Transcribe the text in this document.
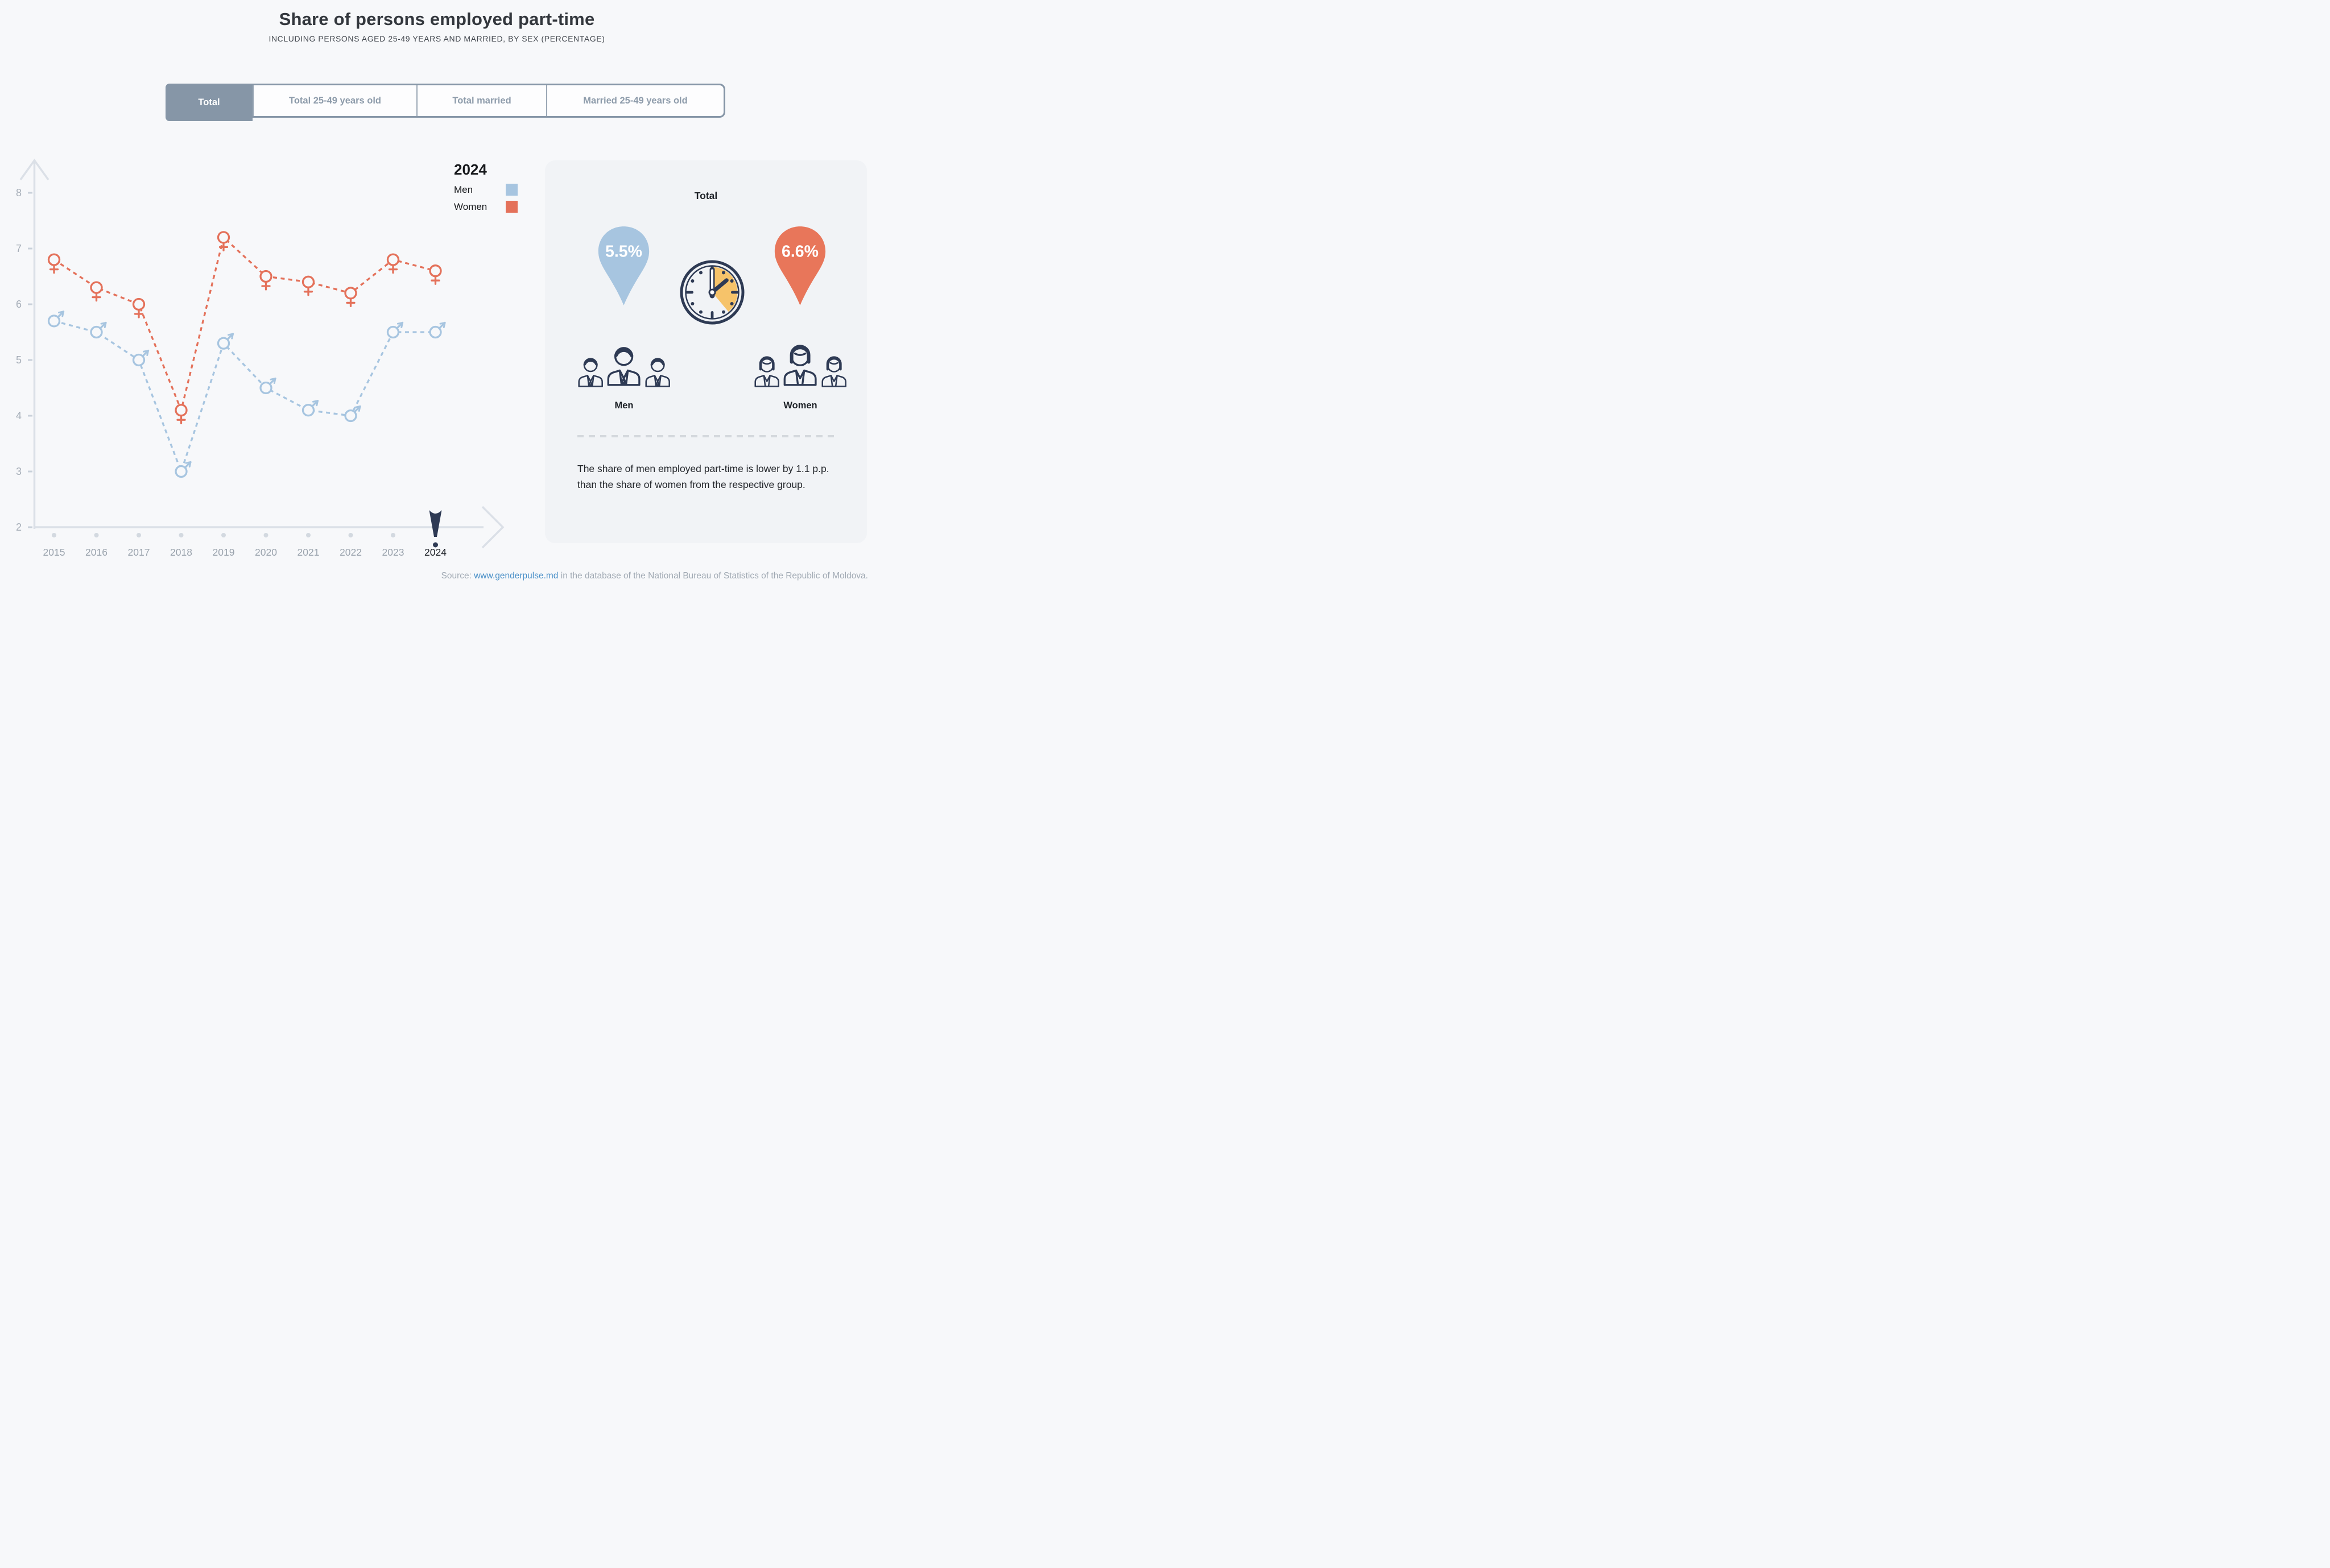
Share of persons employed part-time
INCLUDING PERSONS AGED 25-49 YEARS AND MARRIED, BY SEX (PERCENTAGE)
Total	Total 25-49 years old	Total married	Married 25-49 years old
2
3
4
5
6
7
8
2015 2016 2017 2018 2019 2020 2021 2022 2023 2024
2024
Men
Women
Total
5.5%	6.6%
Men	Women

The share of men employed part-time is lower by 1.1 p.p. than the share of women from the respective group.

Source: www.genderpulse.md in the database of the National Bureau of Statistics of the Republic of Moldova.
